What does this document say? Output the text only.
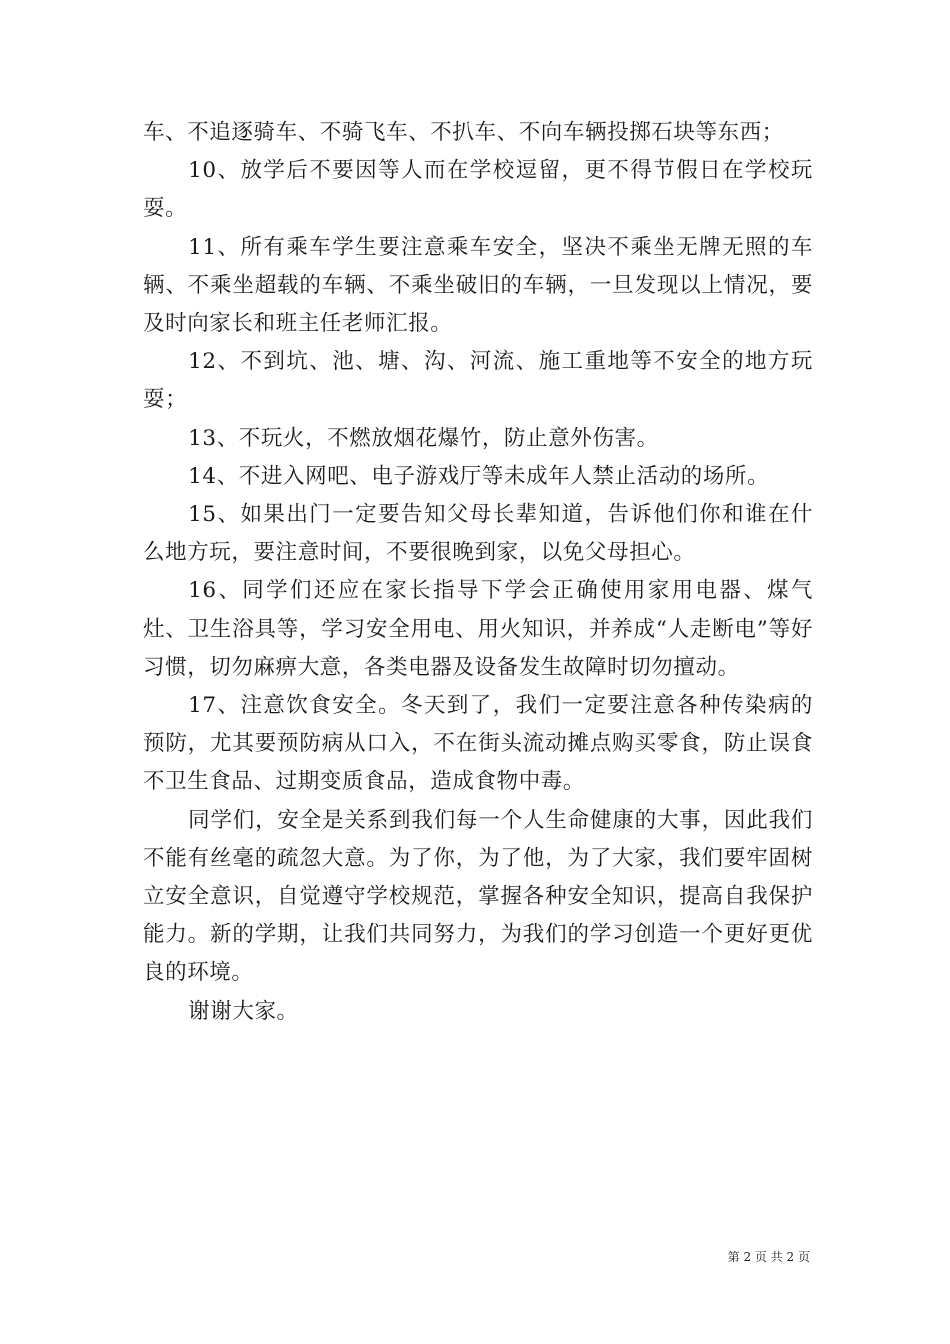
车、不追逐骑车、不骑飞车、不扒车、不向车辆投掷石块等东西；

10、放学后不要因等人而在学校逗留，更不得节假日在学校玩耍。

11、所有乘车学生要注意乘车安全，坚决不乘坐无牌无照的车辆、不乘坐超载的车辆、不乘坐破旧的车辆，一旦发现以上情况，要及时向家长和班主任老师汇报。

12、不到坑、池、塘、沟、河流、施工重地等不安全的地方玩耍；

13、不玩火，不燃放烟花爆竹，防止意外伤害。

14、不进入网吧、电子游戏厅等未成年人禁止活动的场所。

15、如果出门一定要告知父母长辈知道，告诉他们你和谁在什么地方玩，要注意时间，不要很晚到家，以免父母担心。

16、同学们还应在家长指导下学会正确使用家用电器、煤气灶、卫生浴具等，学习安全用电、用火知识，并养成“人走断电”等好习惯，切勿麻痹大意，各类电器及设备发生故障时切勿擅动。

17、注意饮食安全。冬天到了，我们一定要注意各种传染病的预防，尤其要预防病从口入，不在街头流动摊点购买零食，防止误食不卫生食品、过期变质食品，造成食物中毒。

同学们，安全是关系到我们每一个人生命健康的大事，因此我们不能有丝毫的疏忽大意。为了你，为了他，为了大家，我们要牢固树立安全意识，自觉遵守学校规范，掌握各种安全知识，提高自我保护能力。新的学期，让我们共同努力，为我们的学习创造一个更好更优良的环境。

谢谢大家。

第 2 页 共 2 页
